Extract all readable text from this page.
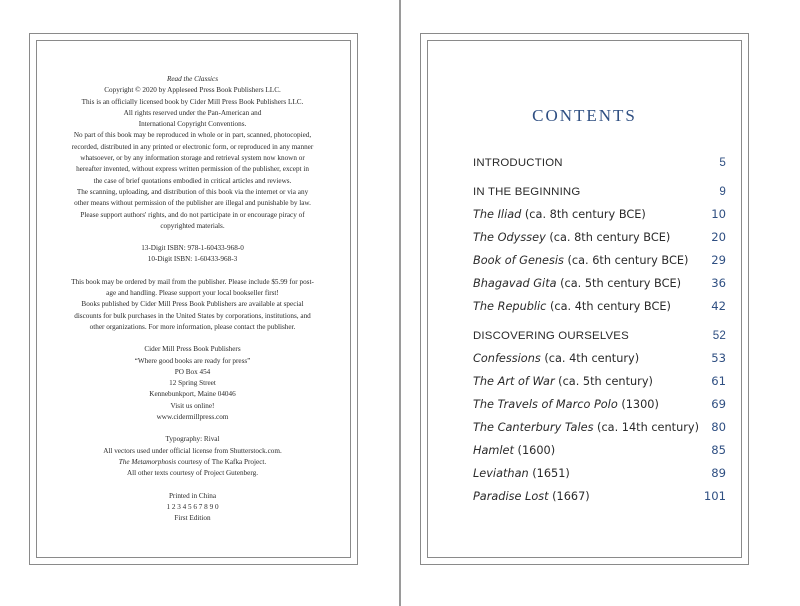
Read the Classics
Copyright © 2020 by Appleseed Press Book Publishers LLC.
This is an officially licensed book by Cider Mill Press Book Publishers LLC.
All rights reserved under the Pan-American and
International Copyright Conventions.
No part of this book may be reproduced in whole or in part, scanned, photocopied,
recorded, distributed in any printed or electronic form, or reproduced in any manner
whatsoever, or by any information storage and retrieval system now known or
hereafter invented, without express written permission of the publisher, except in
the case of brief quotations embodied in critical articles and reviews.
The scanning, uploading, and distribution of this book via the internet or via any
other means without permission of the publisher are illegal and punishable by law.
Please support authors' rights, and do not participate in or encourage piracy of
copyrighted materials.
13-Digit ISBN: 978-1-60433-968-0
10-Digit ISBN: 1-60433-968-3
This book may be ordered by mail from the publisher. Please include $5.99 for post-
age and handling. Please support your local bookseller first!
Books published by Cider Mill Press Book Publishers are available at special
discounts for bulk purchases in the United States by corporations, institutions, and
other organizations. For more information, please contact the publisher.
Cider Mill Press Book Publishers
“Where good books are ready for press”
PO Box 454
12 Spring Street
Kennebunkport, Maine 04046
Visit us online!
www.cidermillpress.com
Typography: Rival
All vectors used under official license from Shutterstock.com.
The Metamorphosis courtesy of The Kafka Project.
All other texts courtesy of Project Gutenberg.
Printed in China
1 2 3 4 5 6 7 8 9 0
First Edition
CONTENTS
INTRODUCTION	5
IN THE BEGINNING	9
The Iliad (ca. 8th century BCE)	10
The Odyssey (ca. 8th century BCE)	20
Book of Genesis (ca. 6th century BCE) 29
Bhagavad Gita (ca. 5th century BCE)	36
The Republic (ca. 4th century BCE)	42
DISCOVERING OURSELVES	52
Confessions (ca. 4th century)	53
The Art of War (ca. 5th century)	61
The Travels of Marco Polo (1300)	69
The Canterbury Tales (ca. 14th century) 80
Hamlet (1600)	85
Leviathan (1651)	89
Paradise Lost (1667)	101
